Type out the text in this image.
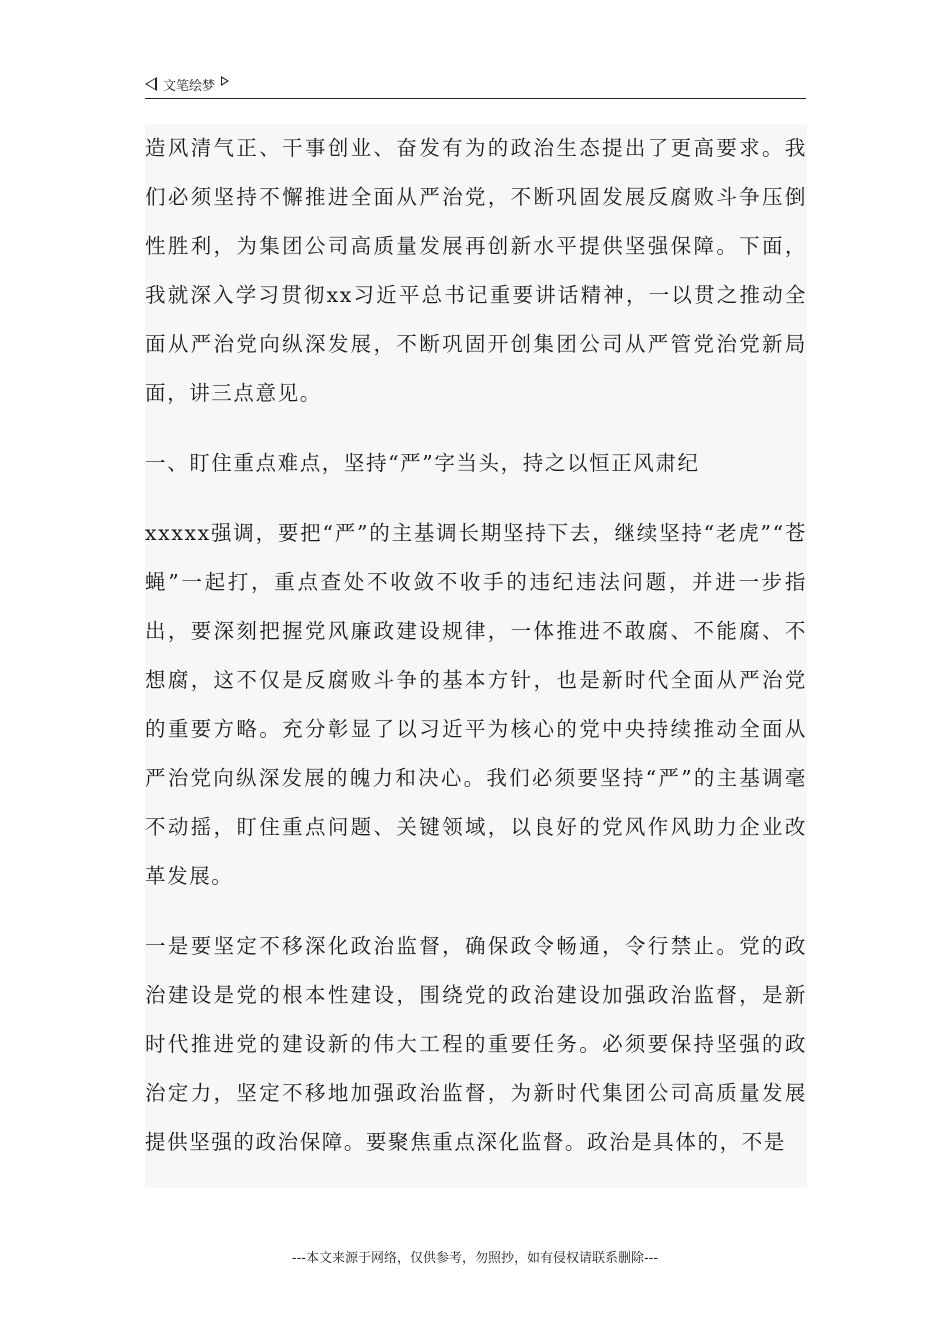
文笔绘梦

造风清气正、干事创业、奋发有为的政治生态提出了更高要求。我们必须坚持不懈推进全面从严治党，不断巩固发展反腐败斗争压倒性胜利，为集团公司高质量发展再创新水平提供坚强保障。下面，我就深入学习贯彻xx习近平总书记重要讲话精神，一以贯之推动全面从严治党向纵深发展，不断巩固开创集团公司从严管党治党新局面，讲三点意见。

一、盯住重点难点，坚持“严”字当头，持之以恒正风肃纪

xxxxx强调，要把“严”的主基调长期坚持下去，继续坚持“老虎”“苍蝇”一起打，重点查处不收敛不收手的违纪违法问题，并进一步指出，要深刻把握党风廉政建设规律，一体推进不敢腐、不能腐、不想腐，这不仅是反腐败斗争的基本方针，也是新时代全面从严治党的重要方略。充分彰显了以习近平为核心的党中央持续推动全面从严治党向纵深发展的魄力和决心。我们必须要坚持“严”的主基调毫不动摇，盯住重点问题、关键领域，以良好的党风作风助力企业改革发展。

一是要坚定不移深化政治监督，确保政令畅通，令行禁止。党的政治建设是党的根本性建设，围绕党的政治建设加强政治监督，是新时代推进党的建设新的伟大工程的重要任务。必须要保持坚强的政治定力，坚定不移地加强政治监督，为新时代集团公司高质量发展提供坚强的政治保障。要聚焦重点深化监督。政治是具体的，不是

---本文来源于网络，仅供参考，勿照抄，如有侵权请联系删除---
